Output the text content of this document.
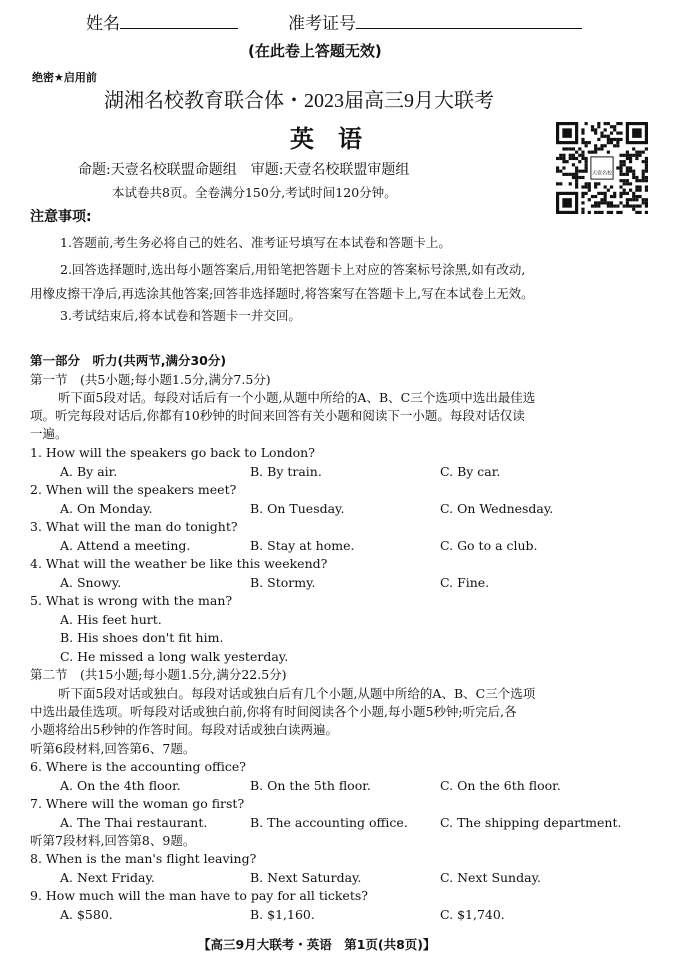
姓名	准考证号
(在此卷上答题无效)
绝密★启用前
湖湘名校教育联合体・2023届高三9月大联考
英　语
命题:天壹名校联盟命题组　审题:天壹名校联盟审题组
本试卷共8页。全卷满分150分,考试时间120分钟。
天壹名校
注意事项:
1.答题前,考生务必将自己的姓名、准考证号填写在本试卷和答题卡上。
2.回答选择题时,选出每小题答案后,用铅笔把答题卡上对应的答案标号涂黑,如有改动,
用橡皮擦干净后,再选涂其他答案;回答非选择题时,将答案写在答题卡上,写在本试卷上无效。
3.考试结束后,将本试卷和答题卡一并交回。
第一部分　听力(共两节,满分30分)
第一节　(共5小题;每小题1.5分,满分7.5分)
听下面5段对话。每段对话后有一个小题,从题中所给的A、B、C三个选项中选出最佳选
项。听完每段对话后,你都有10秒钟的时间来回答有关小题和阅读下一小题。每段对话仅读
一遍。
1. How will the speakers go back to London?
A. By air.	B. By train.	C. By car.
2. When will the speakers meet?
A. On Monday.	B. On Tuesday.	C. On Wednesday.
3. What will the man do tonight?
A. Attend a meeting.	B. Stay at home.	C. Go to a club.
4. What will the weather be like this weekend?
A. Snowy.	B. Stormy.	C. Fine.
5. What is wrong with the man?
A. His feet hurt.
B. His shoes don't fit him.
C. He missed a long walk yesterday.
第二节　(共15小题;每小题1.5分,满分22.5分)
听下面5段对话或独白。每段对话或独白后有几个小题,从题中所给的A、B、C三个选项
中选出最佳选项。听每段对话或独白前,你将有时间阅读各个小题,每小题5秒钟;听完后,各
小题将给出5秒钟的作答时间。每段对话或独白读两遍。
听第6段材料,回答第6、7题。
6. Where is the accounting office?
A. On the 4th floor.	B. On the 5th floor.	C. On the 6th floor.
7. Where will the woman go first?
A. The Thai restaurant.	B. The accounting office.	C. The shipping department.
听第7段材料,回答第8、9题。
8. When is the man's flight leaving?
A. Next Friday.	B. Next Saturday.	C. Next Sunday.
9. How much will the man have to pay for all tickets?
A. $580.	B. $1,160.	C. $1,740.
【高三9月大联考・英语　第1页(共8页)】
